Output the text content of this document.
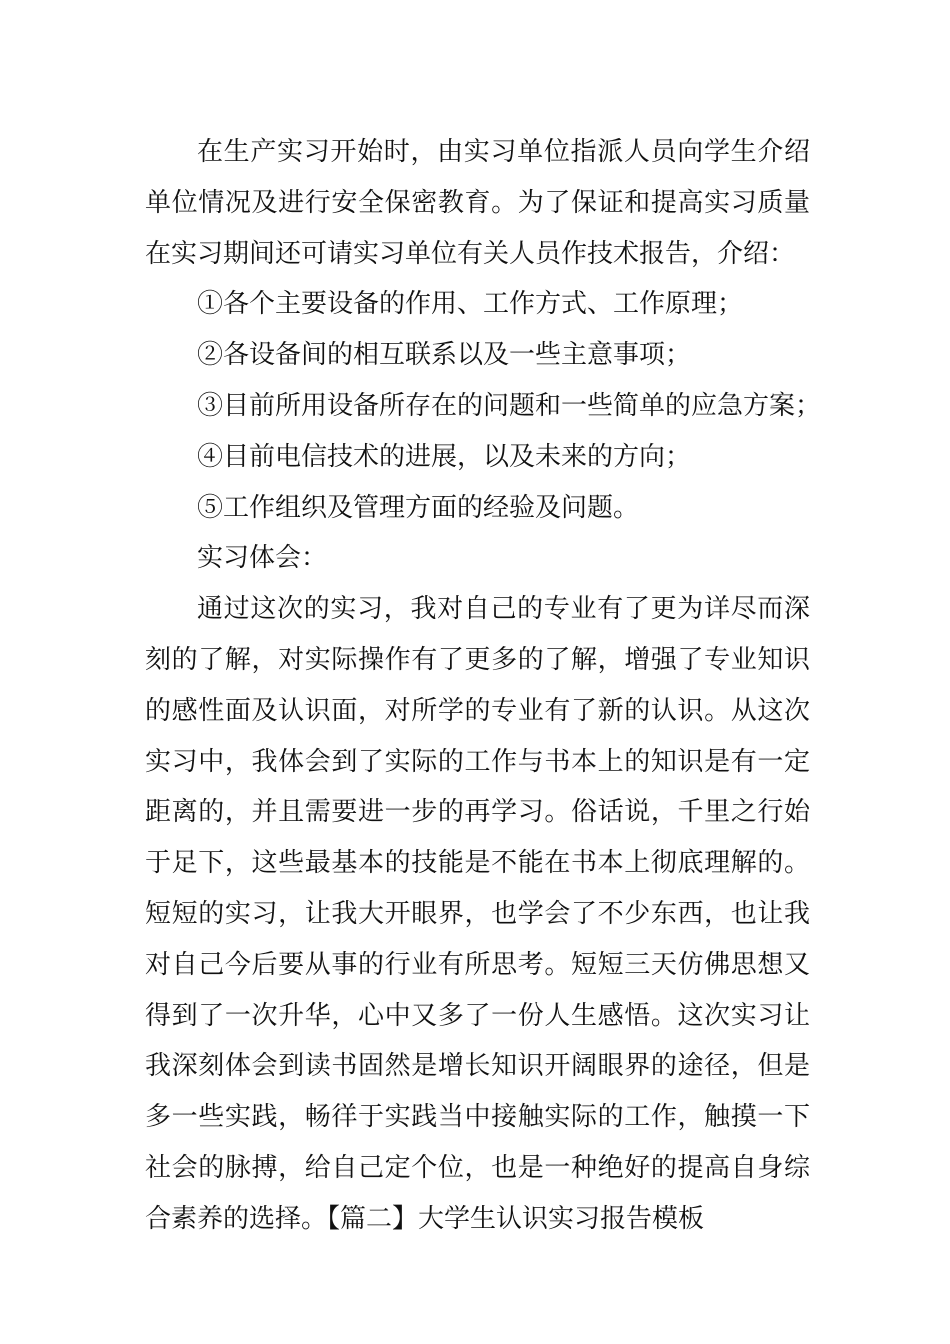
在生产实习开始时，由实习单位指派人员向学生介绍
单位情况及进行安全保密教育。为了保证和提高实习质量
在实习期间还可请实习单位有关人员作技术报告，介绍：
①各个主要设备的作用、工作方式、工作原理；
②各设备间的相互联系以及一些主意事项；
③目前所用设备所存在的问题和一些简单的应急方案；
④目前电信技术的进展，以及未来的方向；
⑤工作组织及管理方面的经验及问题。
实习体会：
通过这次的实习，我对自己的专业有了更为详尽而深
刻的了解，对实际操作有了更多的了解，增强了专业知识
的感性面及认识面，对所学的专业有了新的认识。从这次
实习中，我体会到了实际的工作与书本上的知识是有一定
距离的，并且需要进一步的再学习。俗话说，千里之行始
于足下，这些最基本的技能是不能在书本上彻底理解的。
短短的实习，让我大开眼界，也学会了不少东西，也让我
对自己今后要从事的行业有所思考。短短三天仿佛思想又
得到了一次升华，心中又多了一份人生感悟。这次实习让
我深刻体会到读书固然是增长知识开阔眼界的途径，但是
多一些实践，畅徉于实践当中接触实际的工作，触摸一下
社会的脉搏，给自己定个位，也是一种绝好的提高自身综
合素养的选择。【篇二】大学生认识实习报告模板
